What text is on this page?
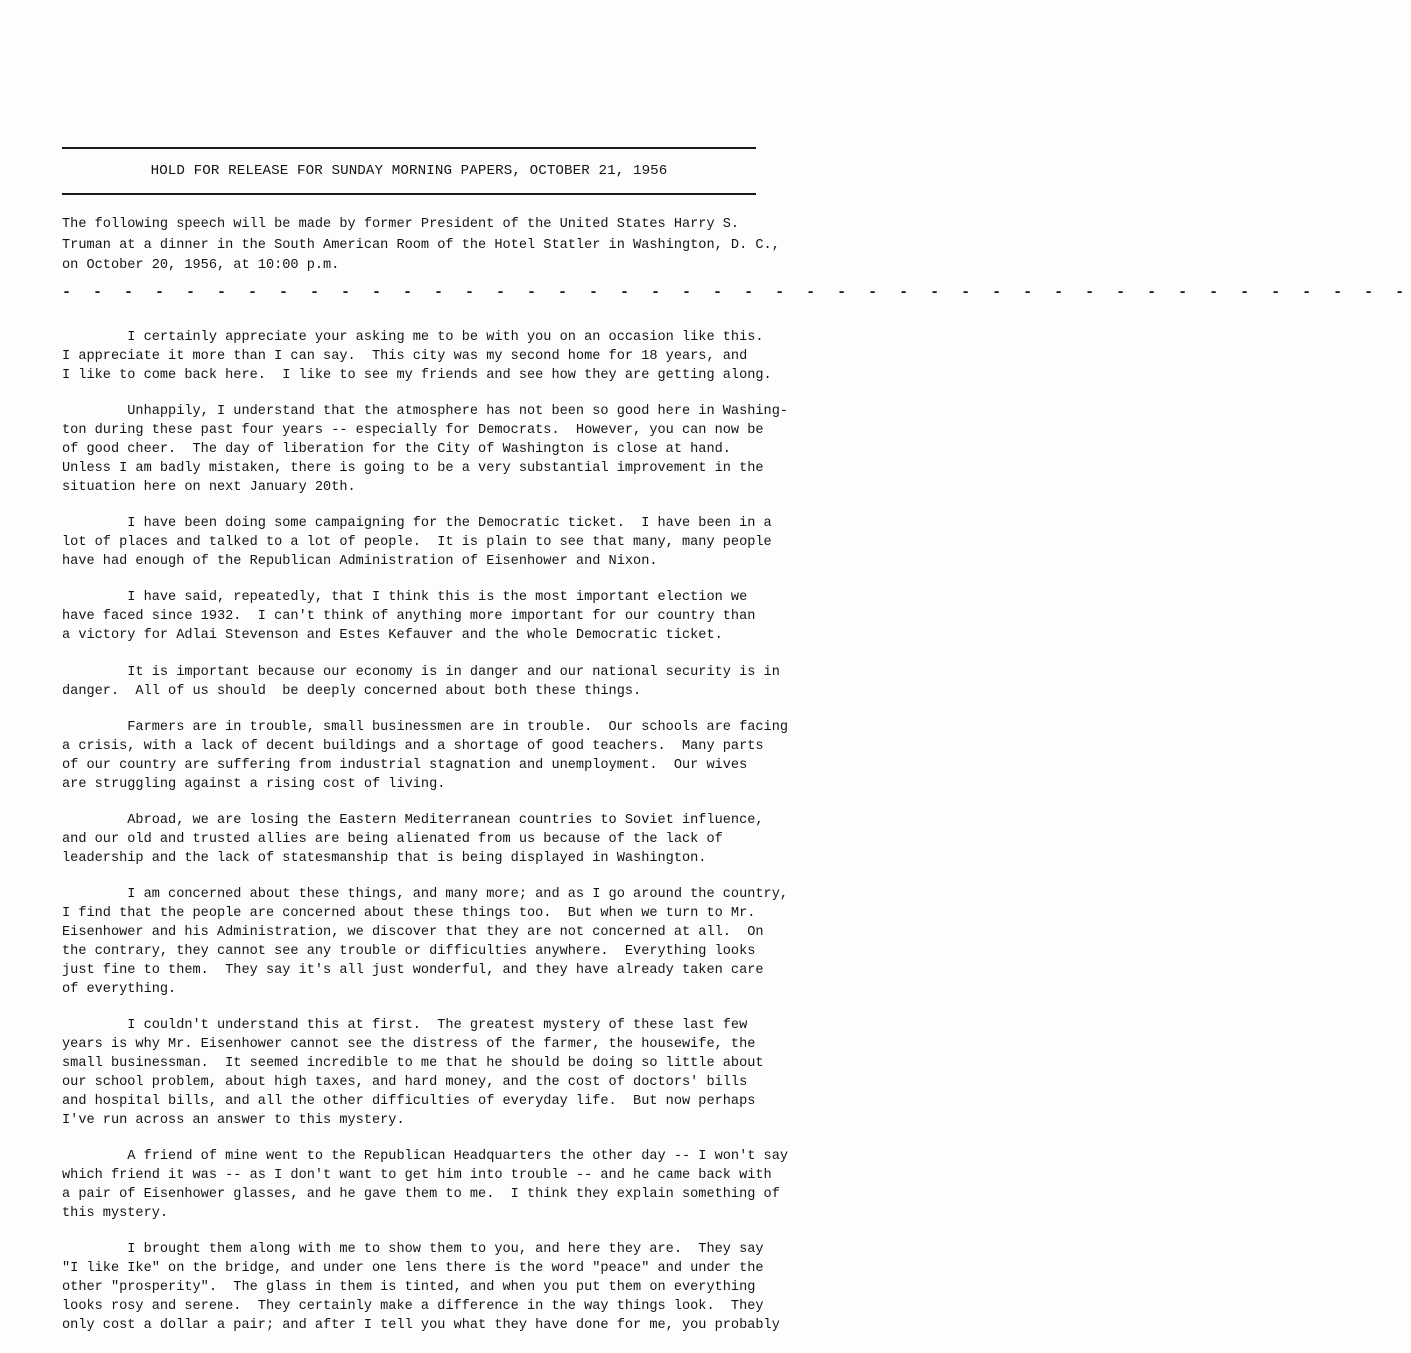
HOLD FOR RELEASE FOR SUNDAY MORNING PAPERS, OCTOBER 21, 1956
The following speech will be made by former President of the United States Harry S.
Truman at a dinner in the South American Room of the Hotel Statler in Washington, D. C.,
on October 20, 1956, at 10:00 p.m.
- - - - - - - - - - - - - - - - - - - - - - - - - - - - - - - - - - - - - - - - - - - -
I certainly appreciate your asking me to be with you on an occasion like this.
I appreciate it more than I can say.  This city was my second home for 18 years, and
I like to come back here.  I like to see my friends and see how they are getting along.
Unhappily, I understand that the atmosphere has not been so good here in Washing-
ton during these past four years -- especially for Democrats.  However, you can now be
of good cheer.  The day of liberation for the City of Washington is close at hand.
Unless I am badly mistaken, there is going to be a very substantial improvement in the
situation here on next January 20th.
I have been doing some campaigning for the Democratic ticket.  I have been in a
lot of places and talked to a lot of people.  It is plain to see that many, many people
have had enough of the Republican Administration of Eisenhower and Nixon.
I have said, repeatedly, that I think this is the most important election we
have faced since 1932.  I can't think of anything more important for our country than
a victory for Adlai Stevenson and Estes Kefauver and the whole Democratic ticket.
It is important because our economy is in danger and our national security is in
danger.  All of us should  be deeply concerned about both these things.
Farmers are in trouble, small businessmen are in trouble.  Our schools are facing
a crisis, with a lack of decent buildings and a shortage of good teachers.  Many parts
of our country are suffering from industrial stagnation and unemployment.  Our wives
are struggling against a rising cost of living.
Abroad, we are losing the Eastern Mediterranean countries to Soviet influence,
and our old and trusted allies are being alienated from us because of the lack of
leadership and the lack of statesmanship that is being displayed in Washington.
I am concerned about these things, and many more; and as I go around the country,
I find that the people are concerned about these things too.  But when we turn to Mr.
Eisenhower and his Administration, we discover that they are not concerned at all.  On
the contrary, they cannot see any trouble or difficulties anywhere.  Everything looks
just fine to them.  They say it's all just wonderful, and they have already taken care
of everything.
I couldn't understand this at first.  The greatest mystery of these last few
years is why Mr. Eisenhower cannot see the distress of the farmer, the housewife, the
small businessman.  It seemed incredible to me that he should be doing so little about
our school problem, about high taxes, and hard money, and the cost of doctors' bills
and hospital bills, and all the other difficulties of everyday life.  But now perhaps
I've run across an answer to this mystery.
A friend of mine went to the Republican Headquarters the other day -- I won't say
which friend it was -- as I don't want to get him into trouble -- and he came back with
a pair of Eisenhower glasses, and he gave them to me.  I think they explain something of
this mystery.
I brought them along with me to show them to you, and here they are.  They say
"I like Ike" on the bridge, and under one lens there is the word "peace" and under the
other "prosperity".  The glass in them is tinted, and when you put them on everything
looks rosy and serene.  They certainly make a difference in the way things look.  They
only cost a dollar a pair; and after I tell you what they have done for me, you probably
